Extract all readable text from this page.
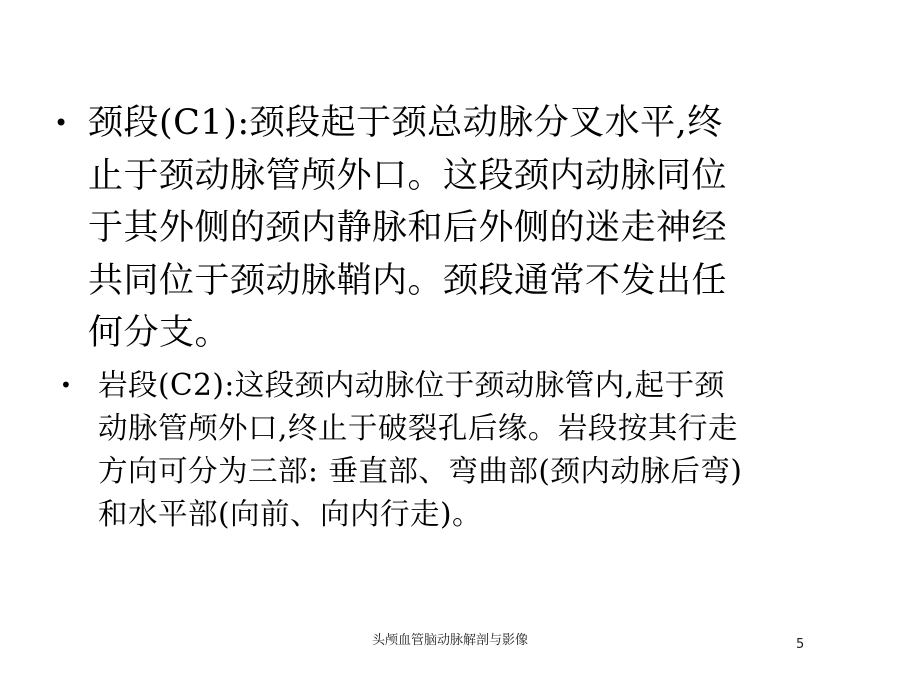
• 颈段(C1):颈段起于颈总动脉分叉水平,终
止于颈动脉管颅外口。这段颈内动脉同位
于其外侧的颈内静脉和后外侧的迷走神经
共同位于颈动脉鞘内。颈段通常不发出任
何分支。
• 岩段(C2):这段颈内动脉位于颈动脉管内,起于颈
动脉管颅外口,终止于破裂孔后缘。岩段按其行走
方向可分为三部: 垂直部、弯曲部(颈内动脉后弯)
和水平部(向前、向内行走)。
头颅血管脑动脉解剖与影像	5
